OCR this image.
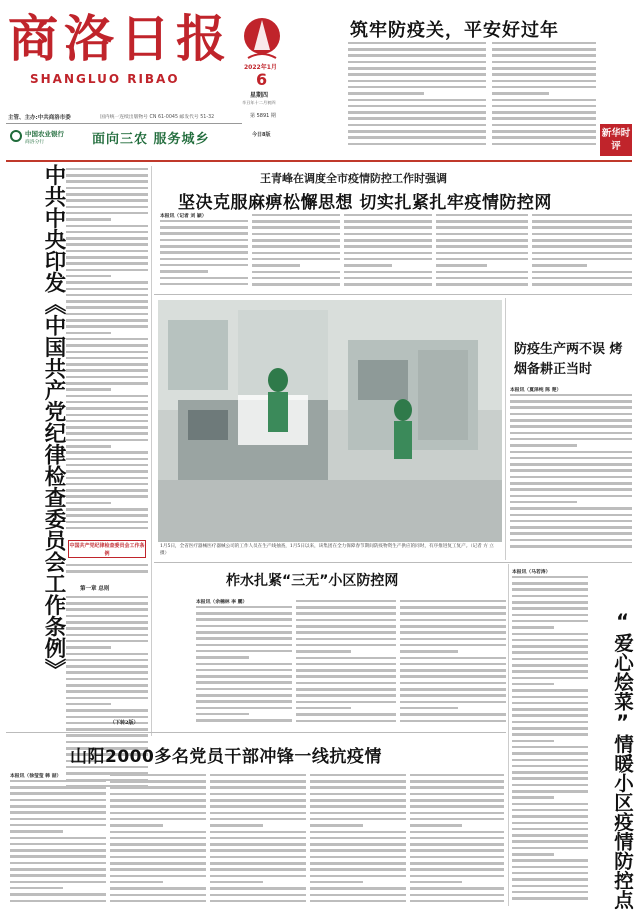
商洛日报
SHANGLUO RIBAO
主管、主办:中共商洛市委	国内统一连续出版物号 CN 61-0045 邮发代号 51-32
中国农业银行
商洛分行	面向三农 服务城乡
2022年1月
6
星期四
辛丑年十二月初四
第 5891 期
今日8版
筑牢防疫关，平安好过年
新华时评
中共中央印发《中国共产党纪律检查委员会工作条例》 中国共产党纪律检查委员会工作条例
第一章 总则
王青峰在调度全市疫情防控工作时强调
坚决克服麻痹松懈思想 切实扎紧扎牢疫情防控网
本报讯（记者 刘 颖）
1月5日，全省医疗器械医疗器械公司的工作人员在生产线抽查，1月5日以来，该集团在全力保障春节期间防疫物资生产供应的同时，有序推进复工复产。（记者 方 立 摄）
防疫生产两不误 烤烟备耕正当时
本报讯（夏泽纯 陈 楚）
柞水扎紧“三无”小区防控网
本报讯（余楠林 李 鹏）
本报讯（马若涛）
“爱心烩菜”情暖小区疫情防控点
（下转2版）
山阳2000多名党员干部冲锋一线抗疫情
本报讯（徐莹莹 韩 喆）
